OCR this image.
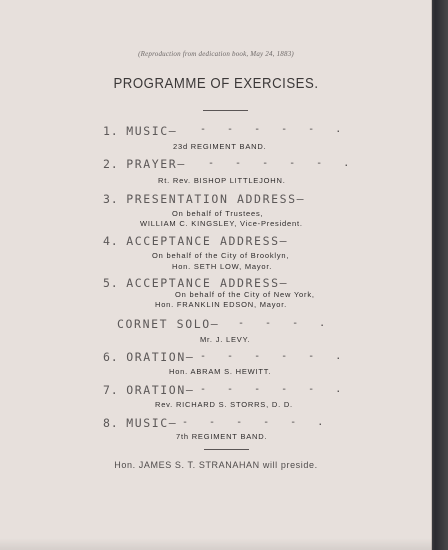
(Reproduction from dedication book, May 24, 1883)
PROGRAMME OF EXERCISES.
1. MUSIC— - - - - - .
23d REGIMENT BAND.
2. PRAYER— - - - - - .
Rt. Rev. BISHOP LITTLEJOHN.
3. PRESENTATION ADDRESS—
On behalf of Trustees,
WILLIAM C. KINGSLEY, Vice-President.
4. ACCEPTANCE ADDRESS—
On behalf of the City of Brooklyn,
Hon. SETH LOW, Mayor.
5. ACCEPTANCE ADDRESS—
On behalf of the City of New York,
Hon. FRANKLIN EDSON, Mayor.
CORNET SOLO— - - - .
Mr. J. LEVY.
6. ORATION— - - - - - .
Hon. ABRAM S. HEWITT.
7. ORATION— - - - - - .
Rev. RICHARD S. STORRS, D. D.
8. MUSIC— - - - - - .
7th REGIMENT BAND.
Hon. JAMES S. T. STRANAHAN will preside.
